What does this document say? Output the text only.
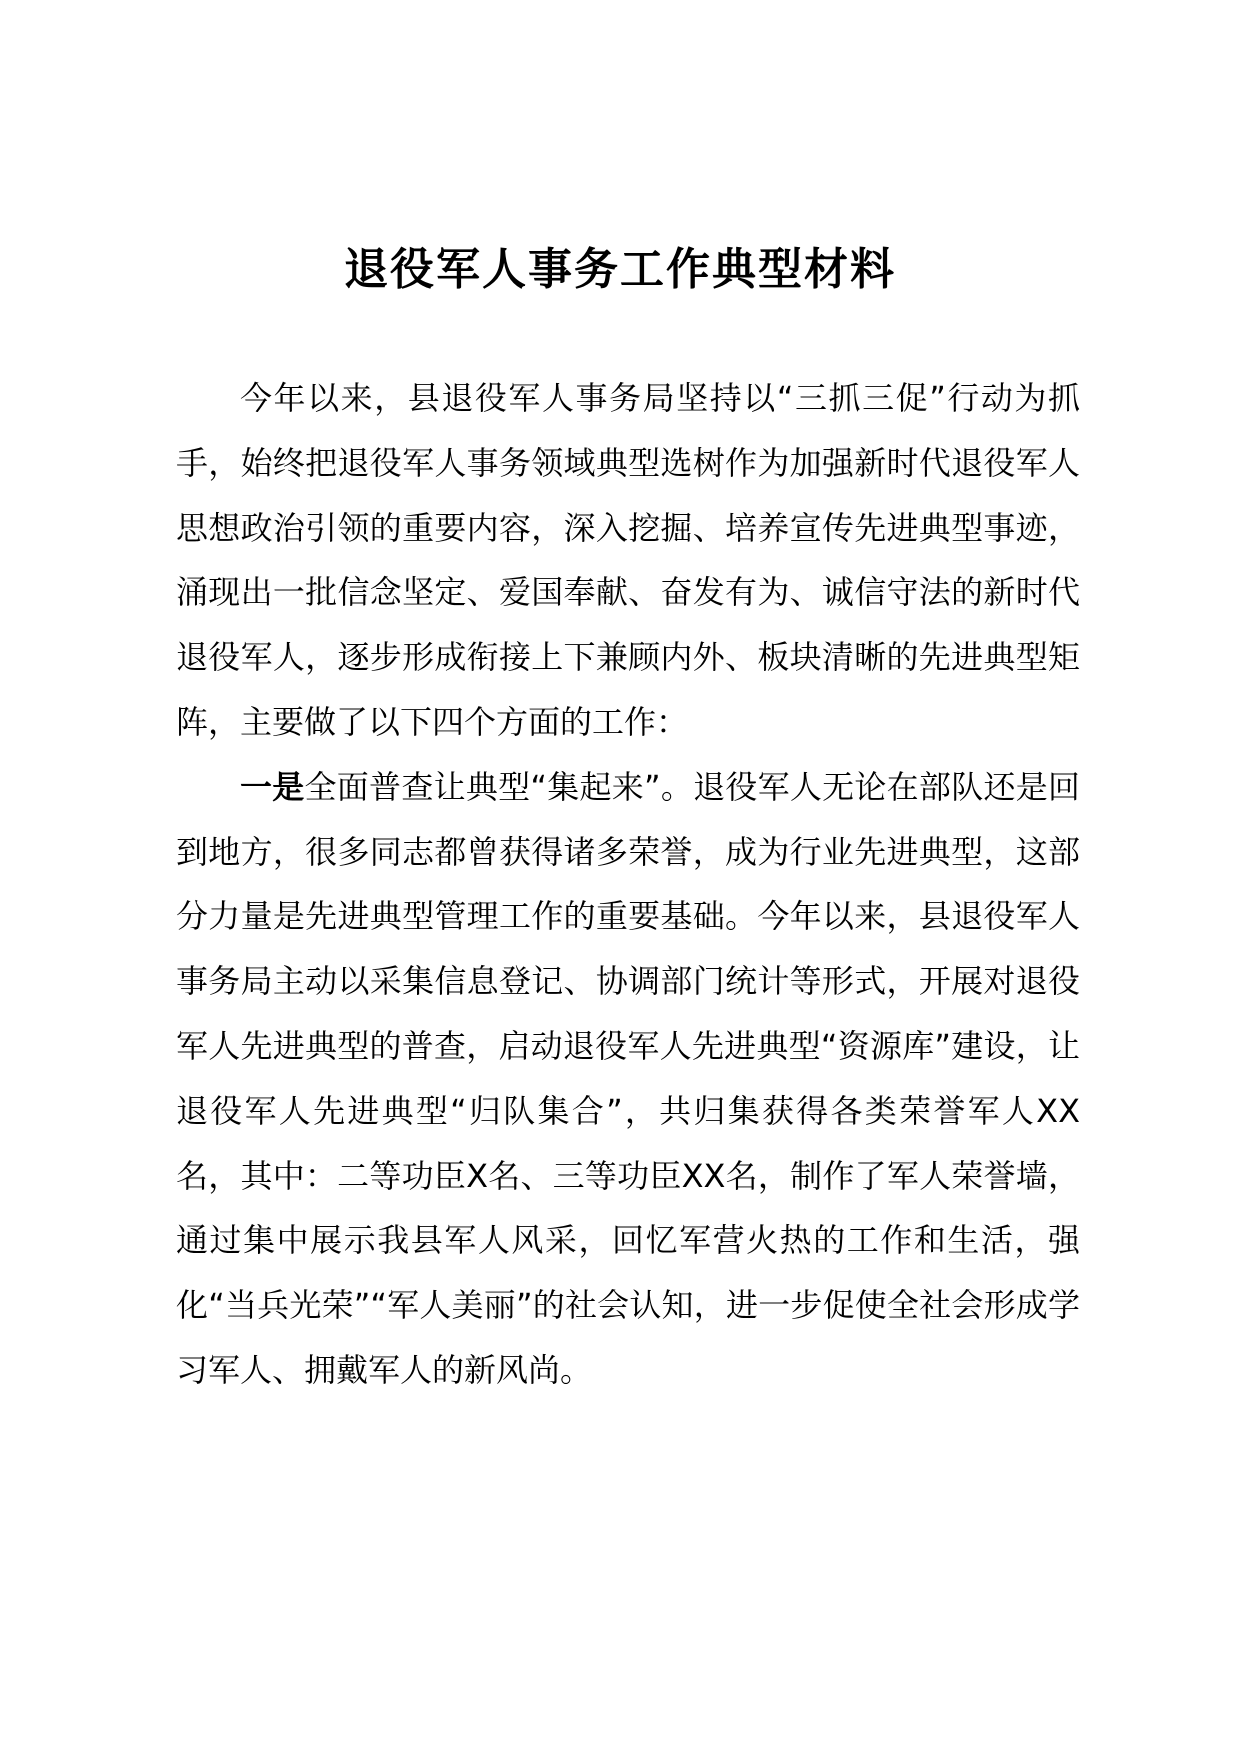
退役军人事务工作典型材料

今年以来，县退役军人事务局坚持以“三抓三促”行动为抓手，始终把退役军人事务领域典型选树作为加强新时代退役军人思想政治引领的重要内容，深入挖掘、培养宣传先进典型事迹，涌现出一批信念坚定、爱国奉献、奋发有为、诚信守法的新时代退役军人，逐步形成衔接上下兼顾内外、板块清晰的先进典型矩阵，主要做了以下四个方面的工作：

一是全面普查让典型“集起来”。退役军人无论在部队还是回到地方，很多同志都曾获得诸多荣誉，成为行业先进典型，这部分力量是先进典型管理工作的重要基础。今年以来，县退役军人事务局主动以采集信息登记、协调部门统计等形式，开展对退役军人先进典型的普查，启动退役军人先进典型“资源库”建设，让退役军人先进典型“归队集合”，共归集获得各类荣誉军人XX名，其中：二等功臣X名、三等功臣XX名，制作了军人荣誉墙，通过集中展示我县军人风采，回忆军营火热的工作和生活，强化“当兵光荣”“军人美丽”的社会认知，进一步促使全社会形成学习军人、拥戴军人的新风尚。
